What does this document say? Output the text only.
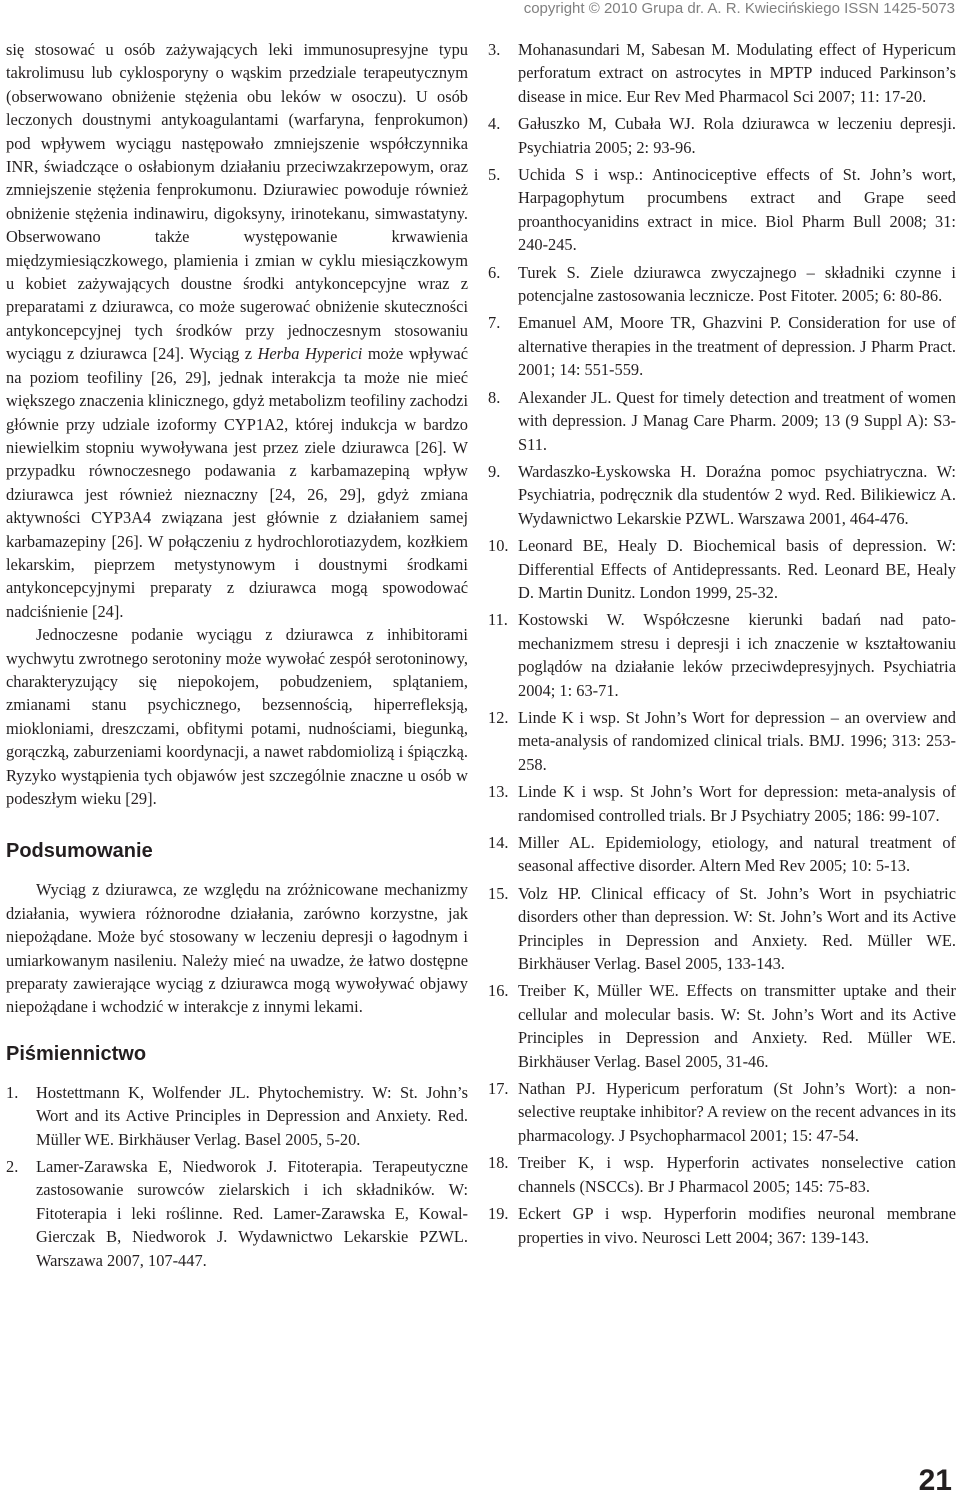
copyright © 2010 Grupa dr. A. R. Kwiecińskiego ISSN 1425-5073

się stosować u osób zażywających leki immunosupresyjne typu takrolimusu lub cyklosporyny o wąskim przedziale terapeutycznym (obserwowano obniżenie stężenia obu leków w osoczu). U osób leczonych doustnymi antykoagulantami (warfaryna, fenprokumon) pod wpływem wyciągu następowało zmniejszenie współczynnika INR, świadczące o osłabionym działaniu przeciwzakrzepowym, oraz zmniejszenie stężenia fenprokumonu. Dziurawiec powoduje również obniżenie stężenia indinawiru, digoksyny, irinotekanu, simwastatyny. Obserwowano także występowanie krwawienia międzymiesiączkowego, plamienia i zmian w cyklu miesiączkowym u kobiet zażywających doustne środki antykoncepcyjne wraz z preparatami z dziurawca, co może sugerować obniżenie skuteczności antykoncepcyjnej tych środków przy jednoczesnym stosowaniu wyciągu z dziurawca [24]. Wyciąg z Herba Hyperici może wpływać na poziom teofiliny [26, 29], jednak interakcja ta może nie mieć większego znaczenia klinicznego, gdyż metabolizm teofiliny zachodzi głównie przy udziale izoformy CYP1A2, której indukcja w bardzo niewielkim stopniu wywoływana jest przez ziele dziurawca [26]. W przypadku równoczesnego podawania z karbamazepiną wpływ dziurawca jest również nieznaczny [24, 26, 29], gdyż zmiana aktywności CYP3A4 związana jest głównie z działaniem samej karbamazepiny [26]. W połączeniu z hydrochlorotiazydem, kozłkiem lekarskim, pieprzem metystynowym i doustnymi środkami antykoncepcyjnymi preparaty z dziurawca mogą spowodować nadciśnienie [24].

Jednoczesne podanie wyciągu z dziurawca z inhibitorami wychwytu zwrotnego serotoniny może wywołać zespół serotoninowy, charakteryzujący się niepokojem, pobudzeniem, splątaniem, zmianami stanu psychicznego, bezsennością, hiperrefleksją, miokloniami, dreszczami, obfitymi potami, nudnościami, biegunką, gorączką, zaburzeniami koordynacji, a nawet rabdomiolizą i śpiączką. Ryzyko wystąpienia tych objawów jest szczególnie znaczne u osób w podeszłym wieku [29].

Podsumowanie

Wyciąg z dziurawca, ze względu na zróżnicowane mechanizmy działania, wywiera różnorodne działania, zarówno korzystne, jak niepożądane. Może być stosowany w leczeniu depresji o łagodnym i umiarkowanym nasileniu. Należy mieć na uwadze, że łatwo dostępne preparaty zawierające wyciąg z dziurawca mogą wywoływać objawy niepożądane i wchodzić w interakcje z innymi lekami.

Piśmiennictwo
1. Hostettmann K, Wolfender JL. Phytochemistry. W: St. John’s Wort and its Active Principles in Depression and Anxiety. Red. Müller WE. Birkhäuser Verlag. Basel 2005, 5-20.
2. Lamer-Zarawska E, Niedworok J. Fitoterapia. Terapeutyczne zastosowanie surowców zielarskich i ich składników. W: Fitoterapia i leki roślinne. Red. Lamer-Zarawska E, Kowal-Gierczak B, Niedworok J. Wydawnictwo Lekarskie PZWL. Warszawa 2007, 107-447.
3. Mohanasundari M, Sabesan M. Modulating effect of Hypericum perforatum extract on astrocytes in MPTP induced Parkinson’s disease in mice. Eur Rev Med Pharmacol Sci 2007; 11: 17-20.
4. Gałuszko M, Cubała WJ. Rola dziurawca w leczeniu depresji. Psychiatria 2005; 2: 93-96.
5. Uchida S i wsp.: Antinociceptive effects of St. John’s wort, Harpagophytum procumbens extract and Grape seed proanthocyanidins extract in mice. Biol Pharm Bull 2008; 31: 240-245.
6. Turek S. Ziele dziurawca zwyczajnego – składniki czynne i potencjalne zastosowania lecznicze. Post Fitoter. 2005; 6: 80-86.
7. Emanuel AM, Moore TR, Ghazvini P. Consideration for use of alternative therapies in the treatment of depression. J Pharm Pract. 2001; 14: 551-559.
8. Alexander JL. Quest for timely detection and treatment of women with depression. J Manag Care Pharm. 2009; 13 (9 Suppl A): S3-S11.
9. Wardaszko-Łyskowska H. Doraźna pomoc psychiatryczna. W: Psychiatria, podręcznik dla studentów 2 wyd. Red. Bilikiewicz A. Wydawnictwo Lekarskie PZWL. Warszawa 2001, 464-476.
10. Leonard BE, Healy D. Biochemical basis of depression. W: Differential Effects of Antidepressants. Red. Leonard BE, Healy D. Martin Dunitz. London 1999, 25-32.
11. Kostowski W. Współczesne kierunki badań nad patomechanizmem stresu i depresji i ich znaczenie w kształtowaniu poglądów na działanie leków przeciwdepresyjnych. Psychiatria 2004; 1: 63-71.
12. Linde K i wsp. St John’s Wort for depression – an overview and meta-analysis of randomized clinical trials. BMJ. 1996; 313: 253-258.
13. Linde K i wsp. St John’s Wort for depression: meta-analysis of randomised controlled trials. Br J Psychiatry 2005; 186: 99-107.
14. Miller AL. Epidemiology, etiology, and natural treatment of seasonal affective disorder. Altern Med Rev 2005; 10: 5-13.
15. Volz HP. Clinical efficacy of St. John’s Wort in psychiatric disorders other than depression. W: St. John’s Wort and its Active Principles in Depression and Anxiety. Red. Müller WE. Birkhäuser Verlag. Basel 2005, 133-143.
16. Treiber K, Müller WE. Effects on transmitter uptake and their cellular and molecular basis. W: St. John’s Wort and its Active Principles in Depression and Anxiety. Red. Müller WE. Birkhäuser Verlag. Basel 2005, 31-46.
17. Nathan PJ. Hypericum perforatum (St John’s Wort): a non-selective reuptake inhibitor? A review on the recent advances in its pharmacology. J Psychopharmacol 2001; 15: 47-54.
18. Treiber K, i wsp. Hyperforin activates nonselective cation channels (NSCCs). Br J Pharmacol 2005; 145: 75-83.
19. Eckert GP i wsp. Hyperforin modifies neuronal membrane properties in vivo. Neurosci Lett 2004; 367: 139-143.
21
